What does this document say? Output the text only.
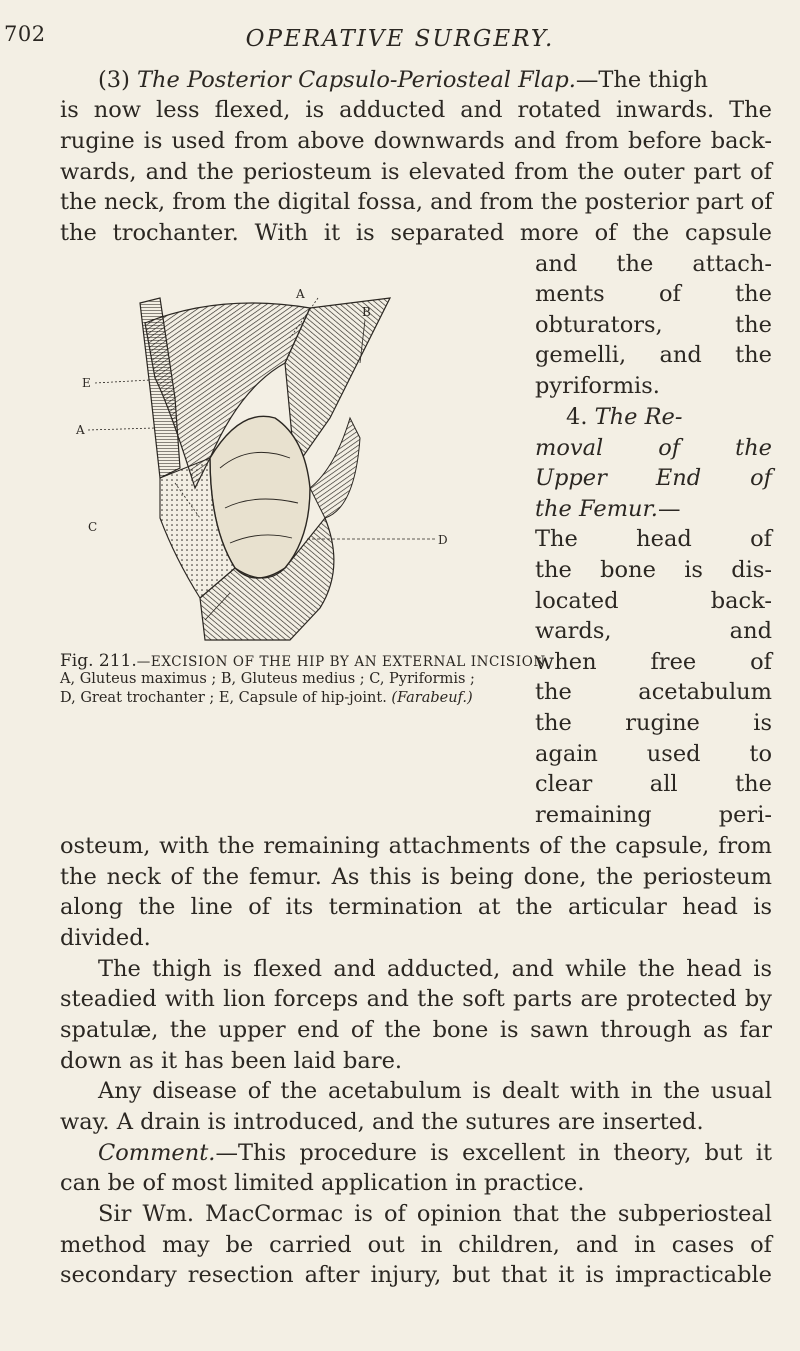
702	OPERATIVE SURGERY.
(3) The Posterior Capsulo-Periosteal Flap.—The thigh
is now less flexed, is adducted and rotated inwards. The
rugine is used from above downwards and from before back-
wards, and the periosteum is elevated from the outer part of
the neck, from the digital fossa, and from the posterior part of
the trochanter. With it is separated more of the capsule
and the attach-
ments of the
obturators, the
gemelli, and the
pyriformis.
4. The Re-
moval of the
Upper End of
the Femur.—
The head of
the bone is dis-
located back-
wards, and
when free of
the acetabulum
the rugine is
again used to
clear all the
remaining peri-
A
B
E
A
C
D
Fig. 211.—EXCISION OF THE HIP BY AN EXTERNAL INCISION.
A, Gluteus maximus ; B, Gluteus medius ; C, Pyriformis ;
D, Great trochanter ; E, Capsule of hip-joint. (Farabeuf.)
osteum, with the remaining attachments of the capsule, from
the neck of the femur. As this is being done, the periosteum
along the line of its termination at the articular head is
divided.
The thigh is flexed and adducted, and while the head is
steadied with lion forceps and the soft parts are protected by
spatulæ, the upper end of the bone is sawn through as far
down as it has been laid bare.
Any disease of the acetabulum is dealt with in the usual
way. A drain is introduced, and the sutures are inserted.
Comment.—This procedure is excellent in theory, but it
can be of most limited application in practice.
Sir Wm. MacCormac is of opinion that the subperiosteal
method may be carried out in children, and in cases of
secondary resection after injury, but that it is impracticable
